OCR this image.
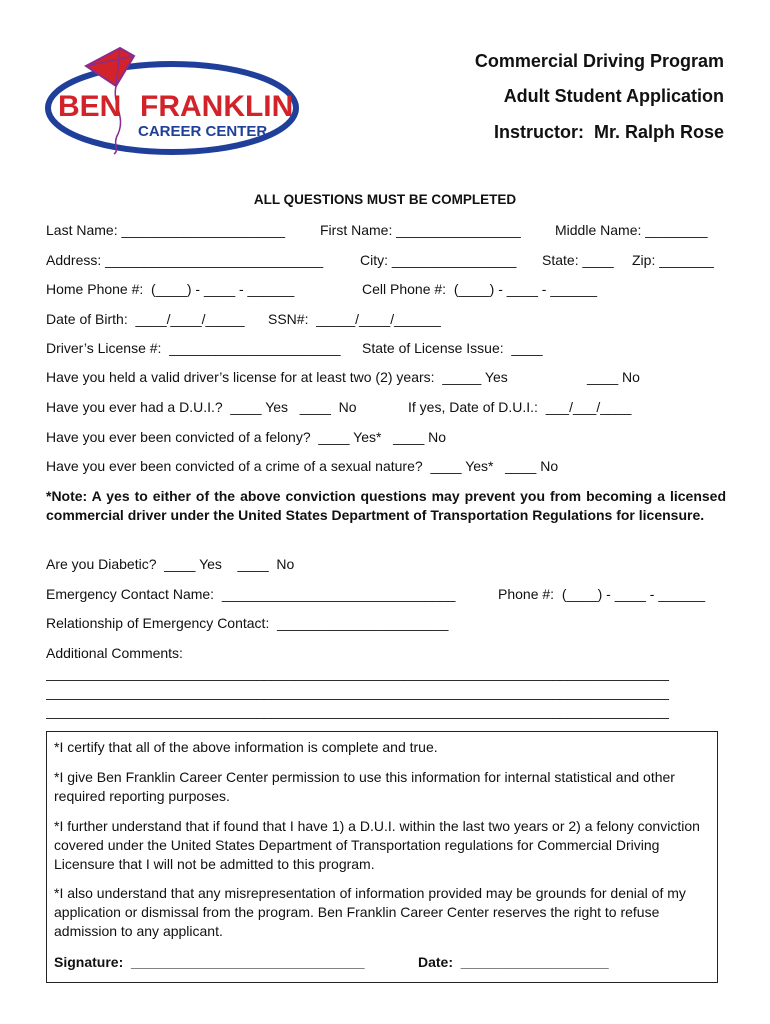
BEN FRANKLIN
CAREER CENTER
Commercial Driving Program
Adult Student Application
Instructor:  Mr. Ralph Rose
ALL QUESTIONS MUST BE COMPLETED
Last Name: _____________________	First Name: ________________ Middle Name: ________
Address: ____________________________	City: ________________ State: ____ Zip: _______
Home Phone #:  (____) - ____ - ______	Cell Phone #:  (____) - ____ - ______
Date of Birth:  ____/____/_____ SSN#:  _____/____/______
Driver’s License #:  ______________________ State of License Issue:  ____
Have you held a valid driver’s license for at least two (2) years:  _____ Yes	____ No
Have you ever had a D.U.I.?  ____ Yes   ____  No	If yes, Date of D.U.I.:  ___/___/____
Have you ever been convicted of a felony?  ____ Yes*   ____ No
Have you ever been convicted of a crime of a sexual nature?  ____ Yes*   ____ No
*Note: A yes to either of the above conviction questions may prevent you from becoming a licensed commercial driver under the United States Department of Transportation Regulations for licensure.
Are you Diabetic?  ____ Yes    ____  No
Emergency Contact Name:  ______________________________	Phone #:  (____) - ____ - ______
Relationship of Emergency Contact:  ______________________
Additional Comments:
________________________________________________________________________________
________________________________________________________________________________
________________________________________________________________________________
*I certify that all of the above information is complete and true.
*I give Ben Franklin Career Center permission to use this information for internal statistical and other required reporting purposes.
*I further understand that if found that I have 1) a D.U.I. within the last two years or 2) a felony conviction covered under the United States Department of Transportation regulations for Commercial Driving Licensure that I will not be admitted to this program.
*I also understand that any misrepresentation of information provided may be grounds for denial of my application or dismissal from the program. Ben Franklin Career Center reserves the right to refuse admission to any applicant.
Signature:  ______________________________	Date:  ___________________
